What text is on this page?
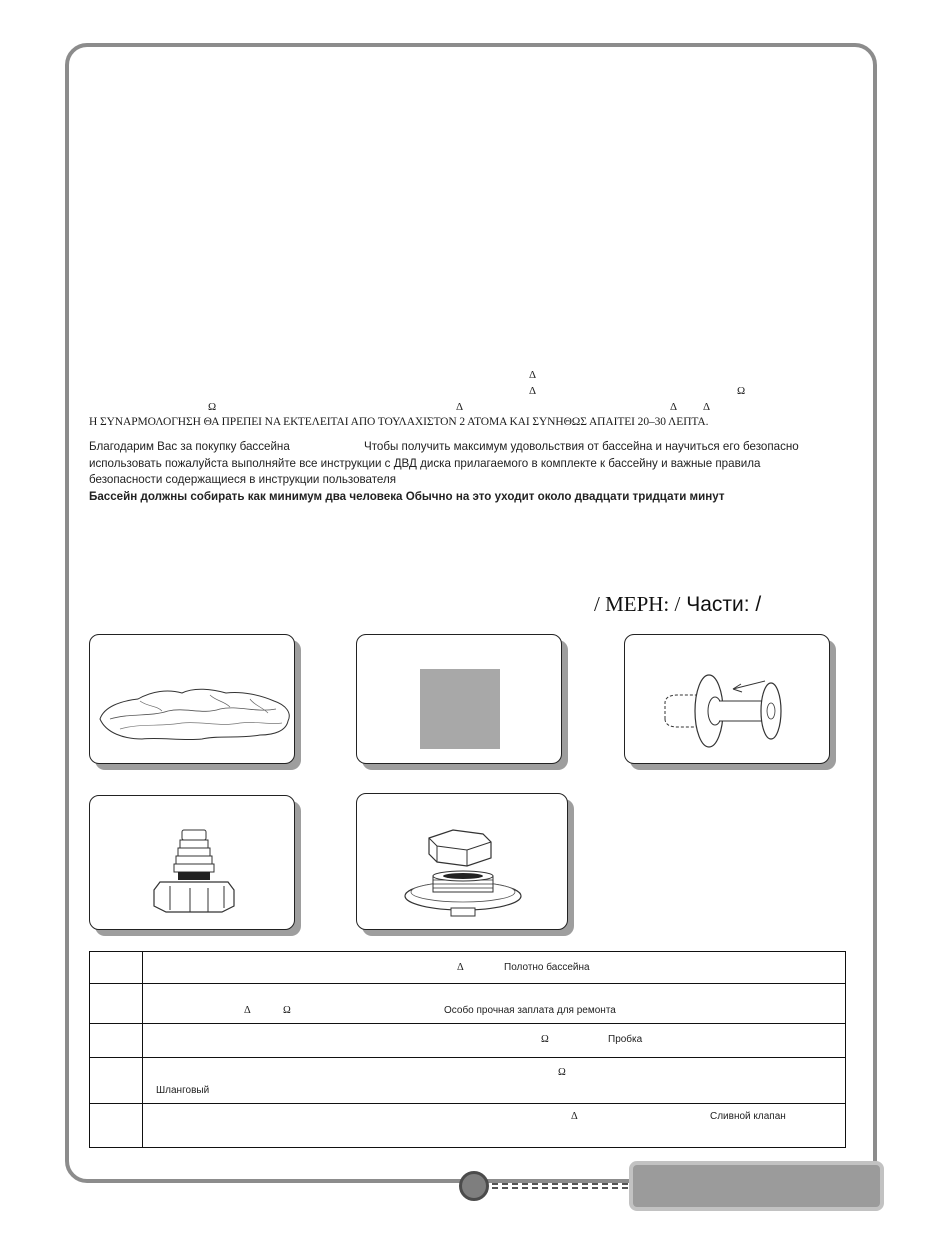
Δ
Δ	Ω
Ω	Δ	Δ Δ
Η ΣΥΝΑΡΜΟΛΟΓΗΣΗ ΘΑ ΠΡΕΠΕΙ ΝΑ ΕΚΤΕΛΕΙΤΑΙ ΑΠΟ ΤΟΥΛΑΧΙΣΤΟΝ 2 ΑΤΟΜΑ ΚΑΙ ΣΥΝΗΘΩΣ ΑΠΑΙΤΕΙ 20–30 ΛΕΠΤΑ.
Благодарим Вас за покупку бассейна	Чтобы получить максимум удовольствия от бассейна и научиться его безопасно
использовать пожалуйста выполняйте все инструкции с ДВД диска прилагаемого в комплекте к бассейну и важные правила
безопасности содержащиеся в инструкции пользователя
Бассейн должны собирать как минимум два человека Обычно на это уходит около двадцати тридцати минут
/ ΜΕΡΗ: / Части: /

	Δ Полотно бассейна

	Δ Ω Особо прочная заплата для ремонта

	Ω Пробка

	Ω
Шланговый

	Δ Сливной клапан
